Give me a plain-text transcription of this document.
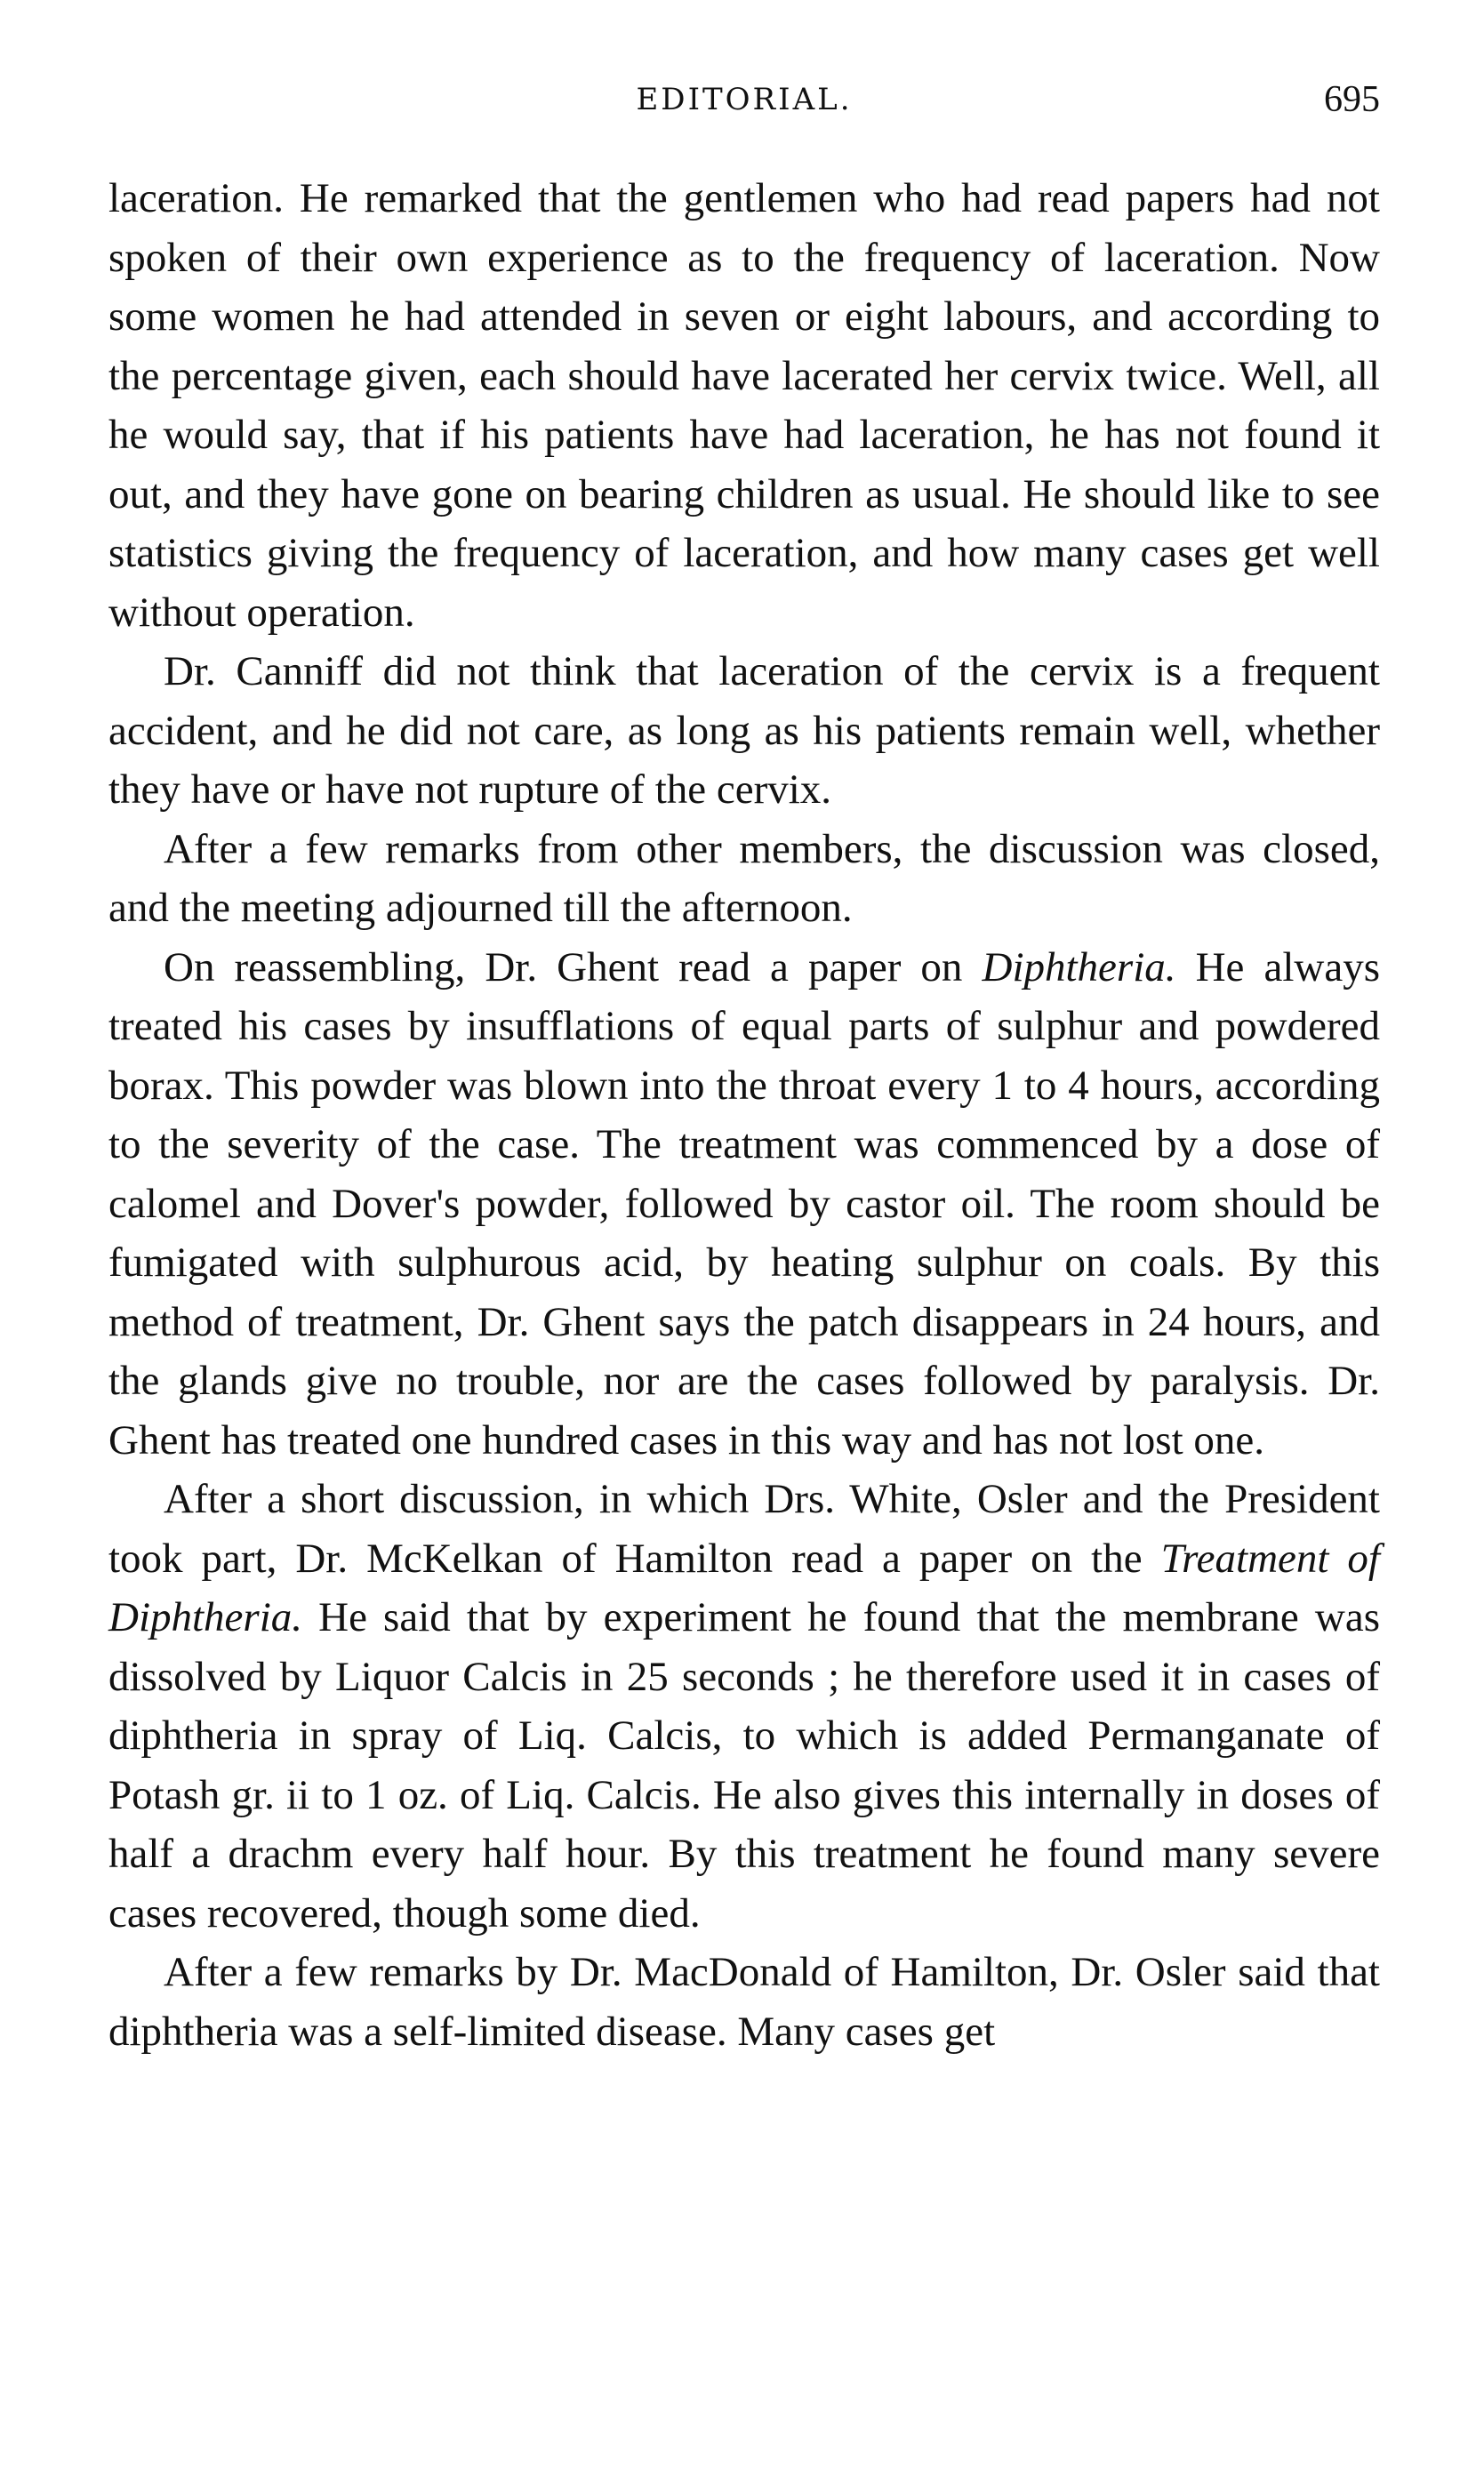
EDITORIAL.	695

laceration. He remarked that the gentlemen who had read papers had not spoken of their own experience as to the frequency of laceration. Now some women he had attended in seven or eight labours, and according to the percentage given, each should have lacerated her cervix twice. Well, all he would say, that if his patients have had laceration, he has not found it out, and they have gone on bearing children as usual. He should like to see statistics giving the frequency of laceration, and how many cases get well without operation.

Dr. Canniff did not think that laceration of the cervix is a frequent accident, and he did not care, as long as his patients remain well, whether they have or have not rupture of the cervix.

After a few remarks from other members, the discussion was closed, and the meeting adjourned till the afternoon.

On reassembling, Dr. Ghent read a paper on Diphtheria. He always treated his cases by insufflations of equal parts of sulphur and powdered borax. This powder was blown into the throat every 1 to 4 hours, according to the severity of the case. The treatment was commenced by a dose of calomel and Dover's powder, followed by castor oil. The room should be fumigated with sulphurous acid, by heating sulphur on coals. By this method of treatment, Dr. Ghent says the patch disappears in 24 hours, and the glands give no trouble, nor are the cases followed by paralysis. Dr. Ghent has treated one hundred cases in this way and has not lost one.

After a short discussion, in which Drs. White, Osler and the President took part, Dr. McKelkan of Hamilton read a paper on the Treatment of Diphtheria. He said that by experiment he found that the membrane was dissolved by Liquor Calcis in 25 seconds ; he therefore used it in cases of diphtheria in spray of Liq. Calcis, to which is added Permanganate of Potash gr. ii to 1 oz. of Liq. Calcis. He also gives this internally in doses of half a drachm every half hour. By this treatment he found many severe cases recovered, though some died.

After a few remarks by Dr. MacDonald of Hamilton, Dr. Osler said that diphtheria was a self-limited disease. Many cases get
